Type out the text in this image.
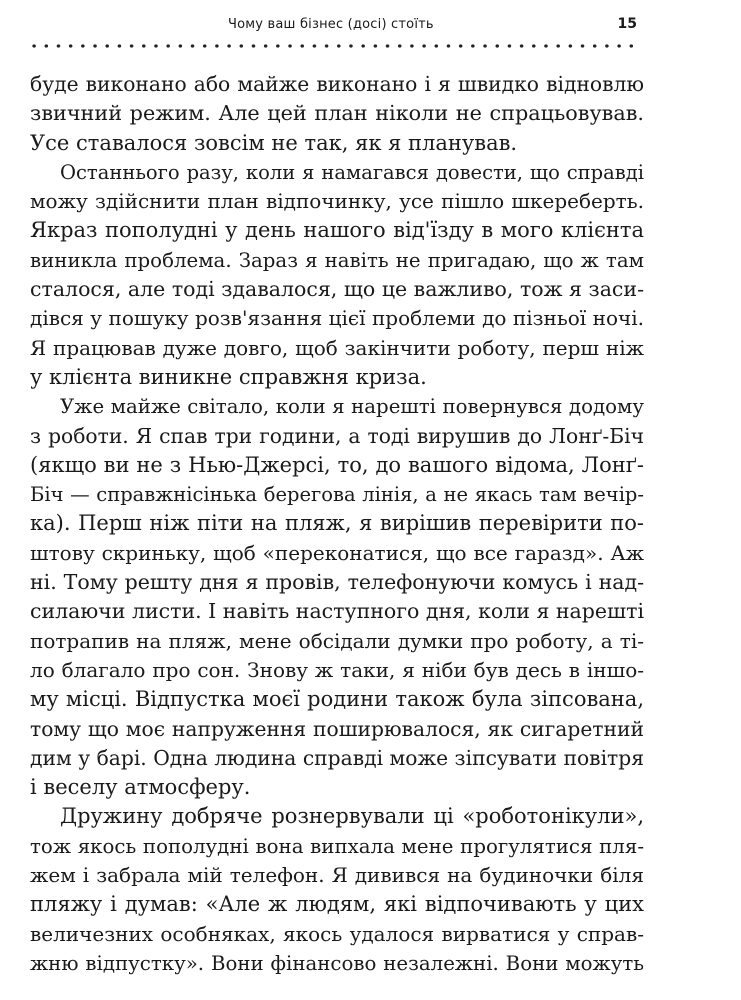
Чому ваш бізнес (досі) стоїть	15

буде виконано або майже виконано і я швидко відновлю
звичний режим. Але цей план ніколи не спрацьовував.
Усе ставалося зовсім не так, як я планував.

Останнього разу, коли я намагався довести, що справді
можу здійснити план відпочинку, усе пішло шкереберть.
Якраз пополудні у день нашого від'їзду в мого клієнта
виникла проблема. Зараз я навіть не пригадаю, що ж там
сталося, але тоді здавалося, що це важливо, тож я заси-
дівся у пошуку розв'язання цієї проблеми до пізньої ночі.
Я працював дуже довго, щоб закінчити роботу, перш ніж
у клієнта виникне справжня криза.

Уже майже світало, коли я нарешті повернувся додому
з роботи. Я спав три години, а тоді вирушив до Лонґ-Біч
(якщо ви не з Нью-Джерсі, то, до вашого відома, Лонґ-
Біч — справжнісінька берегова лінія, а не якась там вечір-
ка). Перш ніж піти на пляж, я вирішив перевірити по-
штову скриньку, щоб «переконатися, що все гаразд». Аж
ні. Тому решту дня я провів, телефонуючи комусь і над-
силаючи листи. І навіть наступного дня, коли я нарешті
потрапив на пляж, мене обсідали думки про роботу, а ті-
ло благало про сон. Знову ж таки, я ніби був десь в іншо-
му місці. Відпустка моєї родини також була зіпсована,
тому що моє напруження поширювалося, як сигаретний
дим у барі. Одна людина справді може зіпсувати повітря
і веселу атмосферу.

Дружину добряче рознервували ці «роботонікули»,
тож якось пополудні вона випхала мене прогулятися пля-
жем і забрала мій телефон. Я дивився на будиночки біля
пляжу і думав: «Але ж людям, які відпочивають у цих
величезних особняках, якось удалося вирватися у справ-
жню відпустку». Вони фінансово незалежні. Вони можуть
